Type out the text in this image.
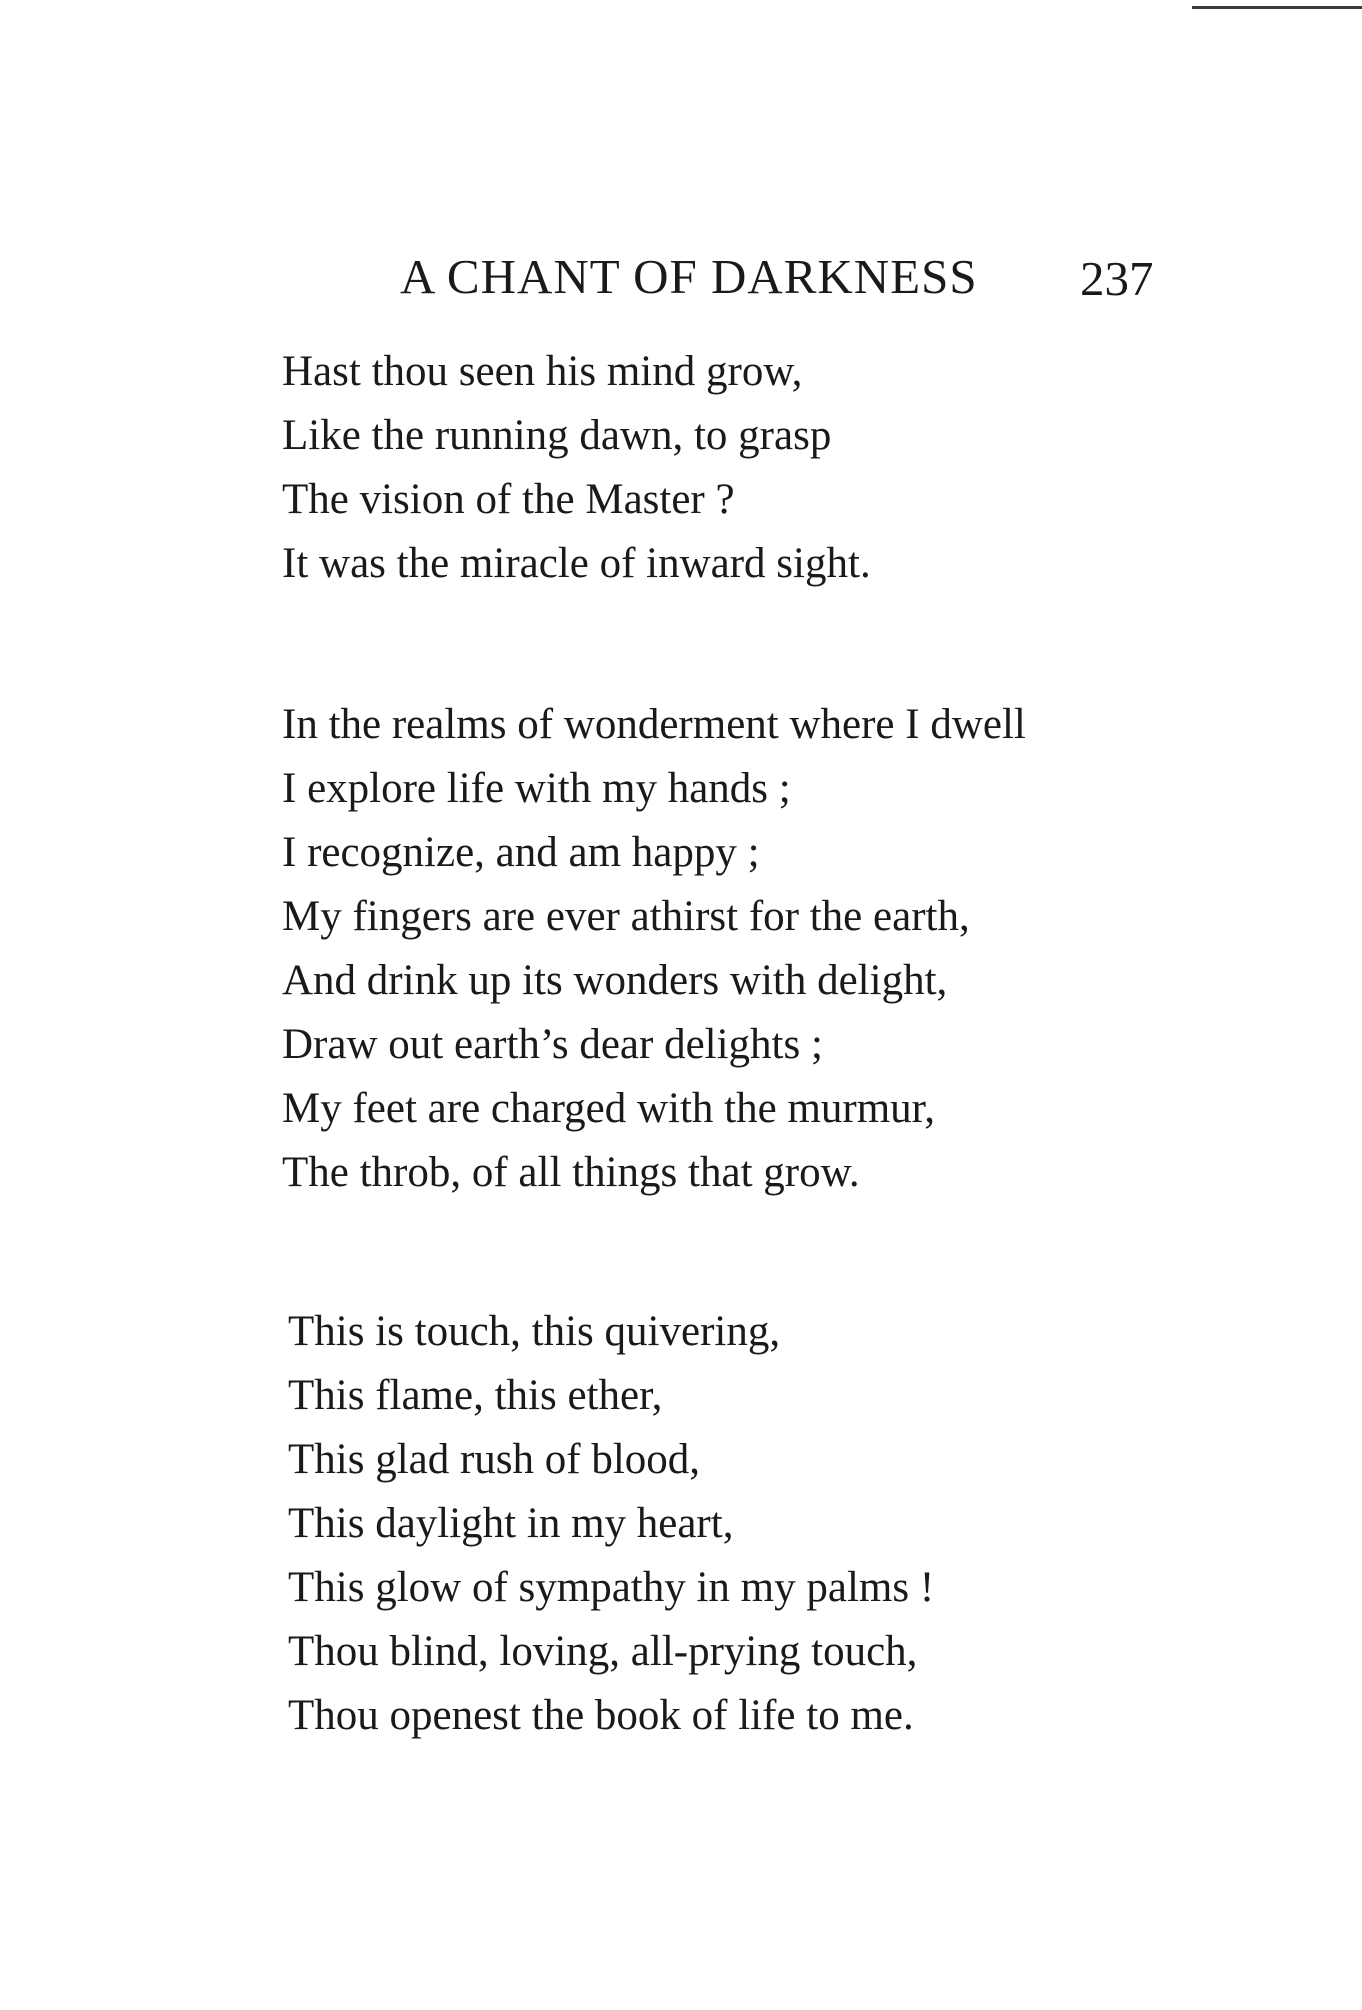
A CHANT OF DARKNESS 237
Hast thou seen his mind grow,
Like the running dawn, to grasp
The vision of the Master ?
It was the miracle of inward sight.
In the realms of wonderment where I dwell
I explore life with my hands ;
I recognize, and am happy ;
My fingers are ever athirst for the earth,
And drink up its wonders with delight,
Draw out earth’s dear delights ;
My feet are charged with the murmur,
The throb, of all things that grow.
This is touch, this quivering,
This flame, this ether,
This glad rush of blood,
This daylight in my heart,
This glow of sympathy in my palms !
Thou blind, loving, all-prying touch,
Thou openest the book of life to me.
